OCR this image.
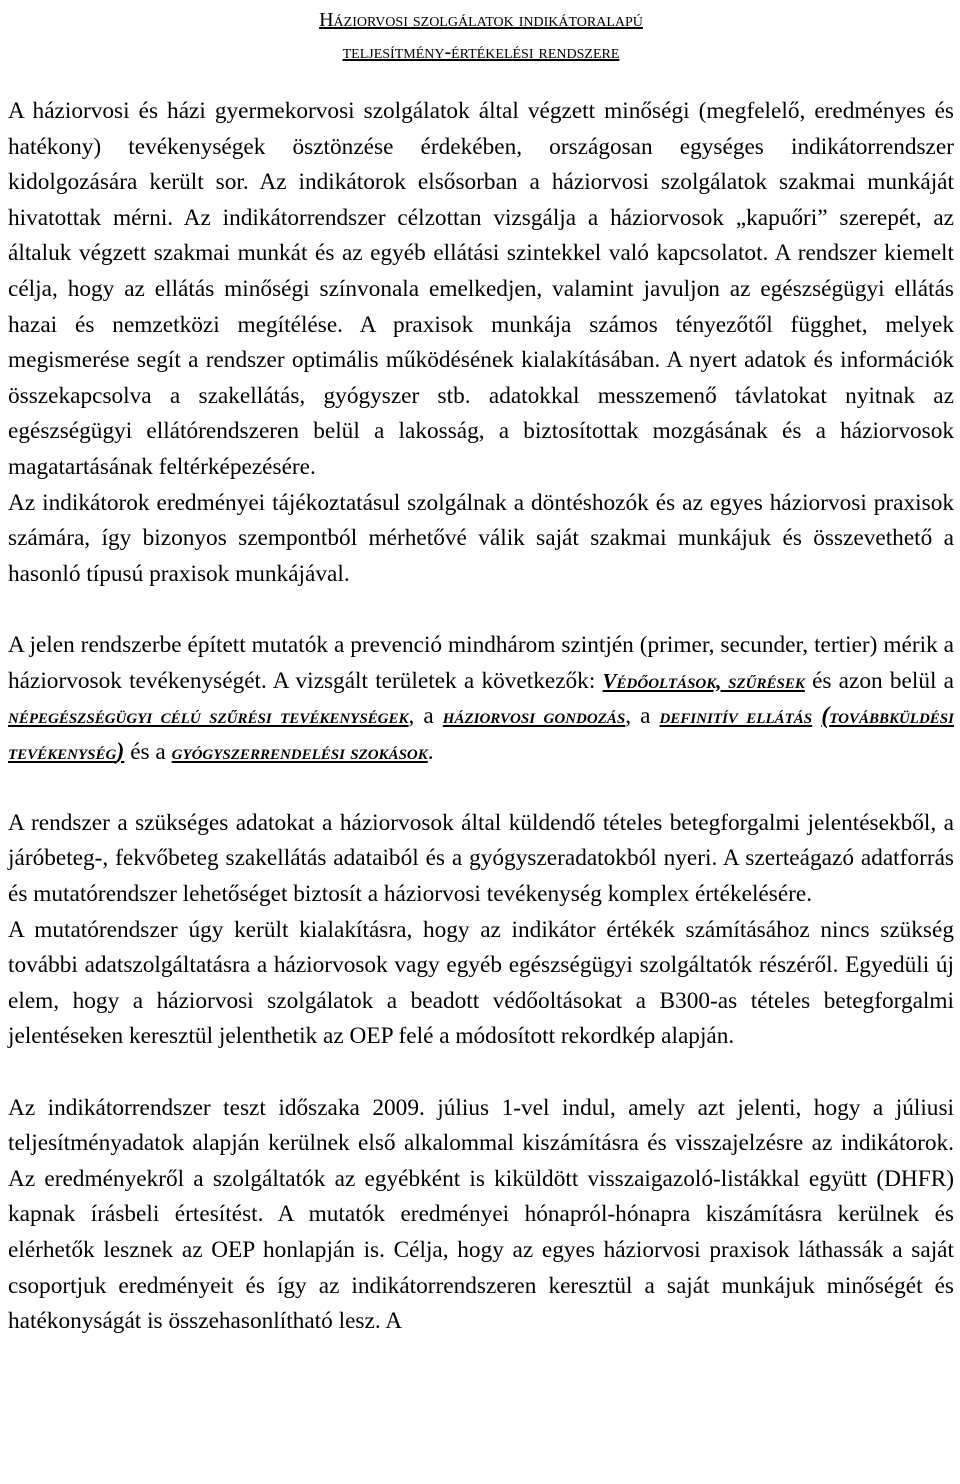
Háziorvosi szolgálatok indikátoralapú
teljesítmény-értékelési rendszere

A háziorvosi és házi gyermekorvosi szolgálatok által végzett minőségi (megfelelő, eredményes és hatékony) tevékenységek ösztönzése érdekében, országosan egységes indikátorrendszer kidolgozására került sor. Az indikátorok elsősorban a háziorvosi szolgálatok szakmai munkáját hivatottak mérni. Az indikátorrendszer célzottan vizsgálja a háziorvosok „kapuőri” szerepét, az általuk végzett szakmai munkát és az egyéb ellátási szintekkel való kapcsolatot. A rendszer kiemelt célja, hogy az ellátás minőségi színvonala emelkedjen, valamint javuljon az egészségügyi ellátás hazai és nemzetközi megítélése. A praxisok munkája számos tényezőtől függhet, melyek megismerése segít a rendszer optimális működésének kialakításában. A nyert adatok és információk összekapcsolva a szakellátás, gyógyszer stb. adatokkal messzemenő távlatokat nyitnak az egészségügyi ellátórendszeren belül a lakosság, a biztosítottak mozgásának és a háziorvosok magatartásának feltérképezésére.

Az indikátorok eredményei tájékoztatásul szolgálnak a döntéshozók és az egyes háziorvosi praxisok számára, így bizonyos szempontból mérhetővé válik saját szakmai munkájuk és összevethető a hasonló típusú praxisok munkájával.

A jelen rendszerbe épített mutatók a prevenció mindhárom szintjén (primer, secunder, tertier) mérik a háziorvosok tevékenységét. A vizsgált területek a következők: Védőoltások, szűrések és azon belül a népegészségügyi célú szűrési tevékenységek, a háziorvosi gondozás, a definitív ellátás (továbbküldési tevékenység) és a gyógyszerrendelési szokások.

A rendszer a szükséges adatokat a háziorvosok által küldendő tételes betegforgalmi jelentésekből, a járóbeteg-, fekvőbeteg szakellátás adataiból és a gyógyszeradatokból nyeri. A szerteágazó adatforrás és mutatórendszer lehetőséget biztosít a háziorvosi tevékenység komplex értékelésére.

A mutatórendszer úgy került kialakításra, hogy az indikátor értékék számításához nincs szükség további adatszolgáltatásra a háziorvosok vagy egyéb egészségügyi szolgáltatók részéről. Egyedüli új elem, hogy a háziorvosi szolgálatok a beadott védőoltásokat a B300-as tételes betegforgalmi jelentéseken keresztül jelenthetik az OEP felé a módosított rekordkép alapján.

Az indikátorrendszer teszt időszaka 2009. július 1-vel indul, amely azt jelenti, hogy a júliusi teljesítményadatok alapján kerülnek első alkalommal kiszámításra és visszajelzésre az indikátorok. Az eredményekről a szolgáltatók az egyébként is kiküldött visszaigazoló-listákkal együtt (DHFR) kapnak írásbeli értesítést. A mutatók eredményei hónapról-hónapra kiszámításra kerülnek és elérhetők lesznek az OEP honlapján is. Célja, hogy az egyes háziorvosi praxisok láthassák a saját csoportjuk eredményeit és így az indikátorrendszeren keresztül a saját munkájuk minőségét és hatékonyságát is összehasonlítható lesz. A
